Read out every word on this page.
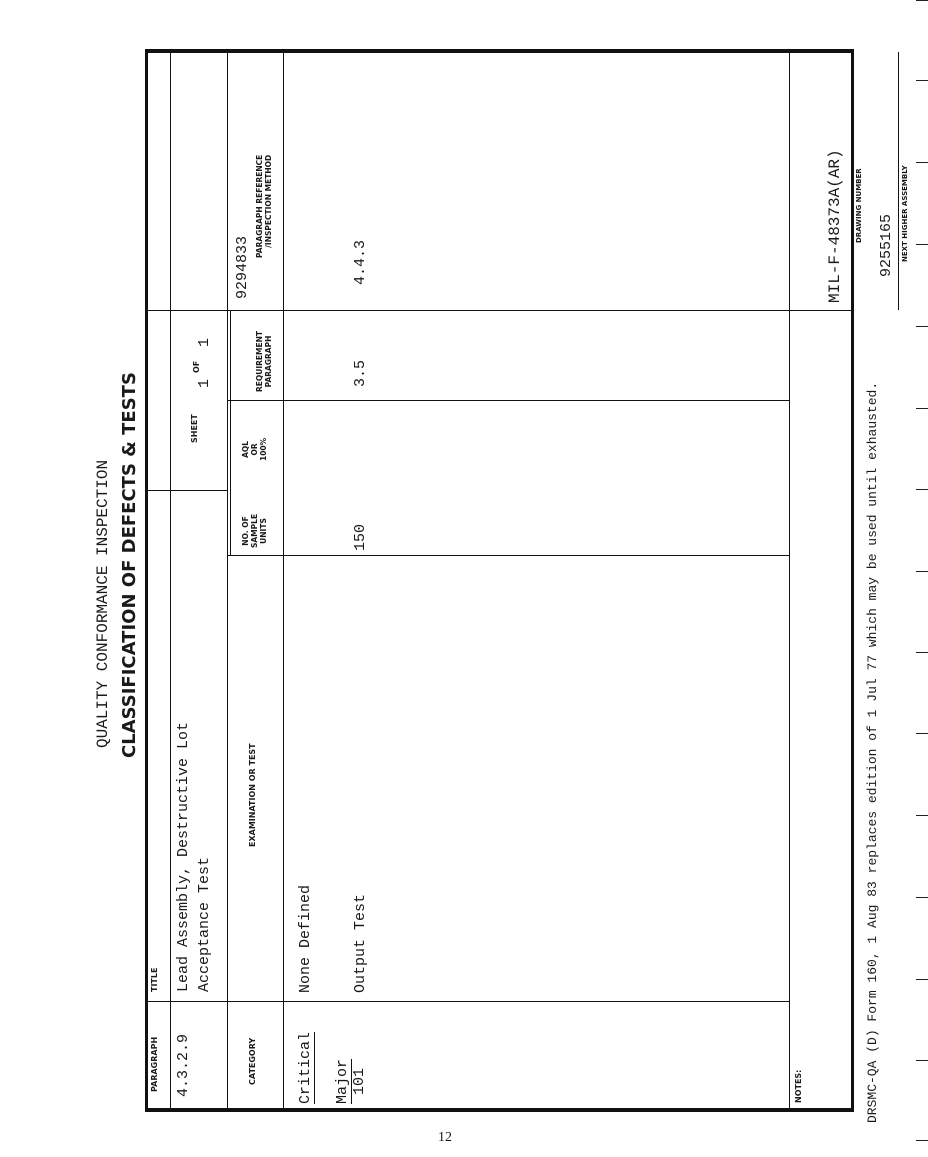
QUALITY CONFORMANCE INSPECTION CLASSIFICATION OF DEFECTS & TESTS
MIL-F-48373A(AR)
PARAGRAPH 4.3.2.9
TITLE Lead Assembly, Destructive Lot Acceptance Test
SHEET
1
OF
1
DRAWING NUMBER
9255165 NEXT HIGHER ASSEMBLY
9294833
CATEGORY
EXAMINATION OR TEST
NO. OF SAMPLE UNITS
AQL OR 100%
REQUIREMENT PARAGRAPH
PARAGRAPH REFERENCE /INSPECTION METHOD
Critical
None Defined
Major 101
Output Test
150
3.5
4.4.3
NOTES:	DRSMC-QA (D) Form 160, 1 Aug 83 replaces edition of 1 Jul 77 which may be used until exhausted.
12
